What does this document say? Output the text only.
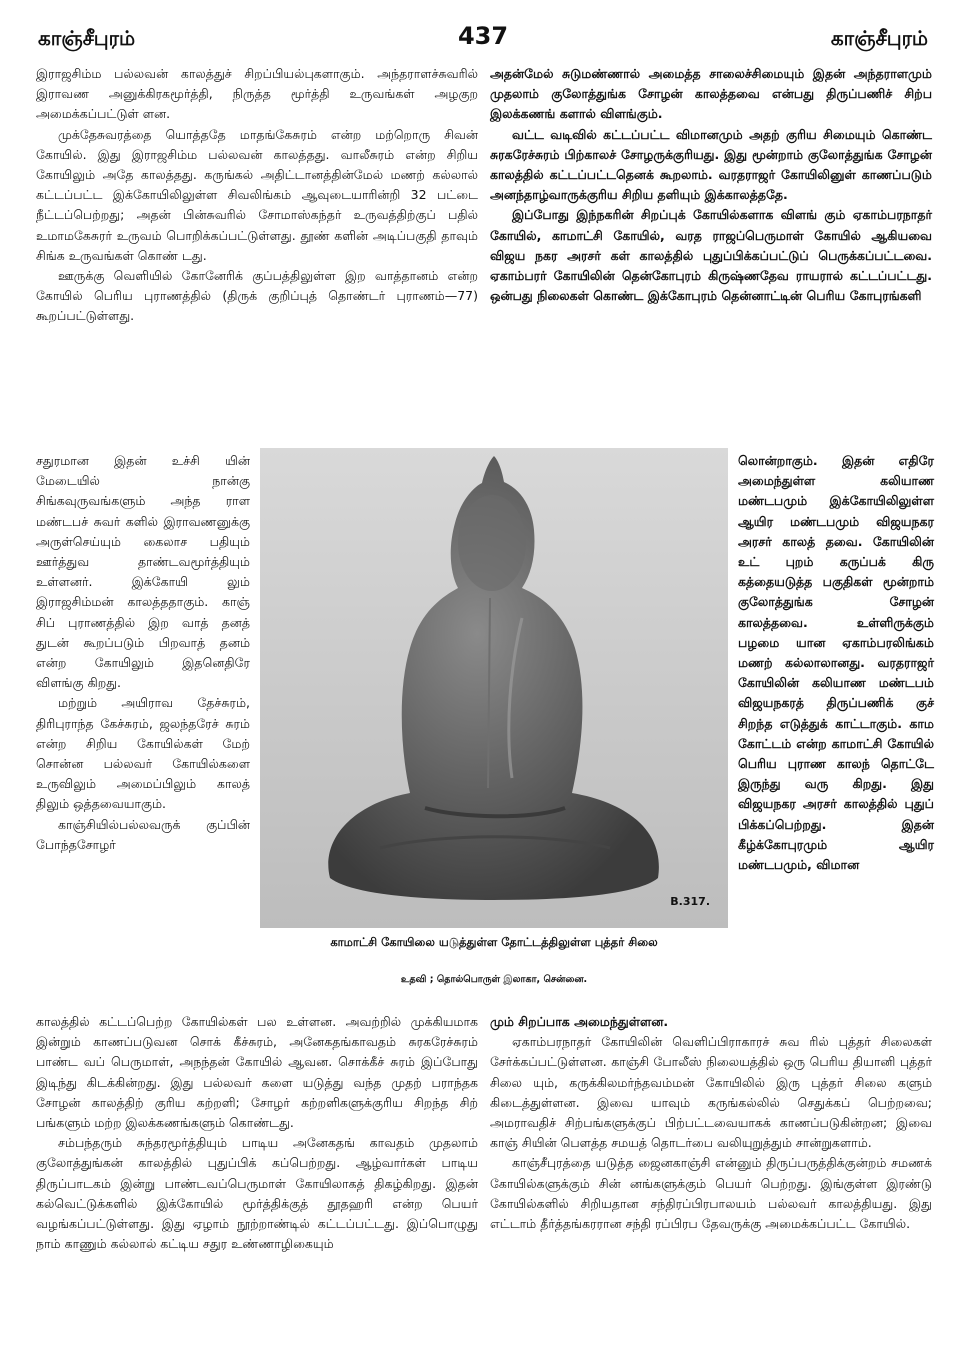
காஞ்சீபுரம்	437	காஞ்சீபுரம்

இராஜசிம்ம பல்லவன் காலத்துச் சிறப்பியல்புகளாகும். அந்தராளச்சுவரில் இராவண அனுக்கிரகமூர்த்தி, நிருத்த மூர்த்தி உருவங்கள் அழகுற அமைக்கப்பட்டுள் ளன.

முக்தேசுவரத்தை யொத்ததே மாதங்கேசுரம் என்ற மற்றொரு சிவன் கோயில். இது இராஜசிம்ம பல்லவன் காலத்தது. வாலீசுரம் என்ற சிறிய கோயிலும் அதே காலத்தது. கருங்கல் அதிட்டானத்தின்மேல் மணற் கல்லால் கட்டப்பட்ட இக்கோயிலிலுள்ள சிவலிங்கம் ஆவுடையாரின்றி 32 பட்டை நீட்டப்பெற்றது; அதன் பின்சுவரில் சோமாஸ்கந்தர் உருவத்திற்குப் பதில் உமாமகேசுரர் உருவம் பொறிக்கப்பட்டுள்ளது. தூண் களின் அடிப்பகுதி தாவும் சிங்க உருவங்கள் கொண் டது.

ஊருக்கு வெளியில் கோனேரிக் குப்பத்திலுள்ள இற வாத்தானம் என்ற கோயில் பெரிய புராணத்தில் (திருக் குறிப்புத் தொண்டர் புராணம்—77) கூறப்பட்டுள்ளது.

அதன்மேல் சுடுமண்ணால் அமைத்த சாலைச்சிமையும் இதன் அந்தராளமும் முதலாம் குலோத்துங்க சோழன் காலத்தவை என்பது திருப்பணிச் சிற்ப இலக்கணங் களால் விளங்கும்.

வட்ட வடிவில் கட்டப்பட்ட விமானமும் அதற் குரிய சிமையும் கொண்ட சுரகரேச்சுரம் பிற்காலச் சோழருக்குரியது. இது மூன்றாம் குலோத்துங்க சோழன் காலத்தில் கட்டப்பட்டதெனக் கூறலாம். வரதராஜர் கோயிலினுள் காணப்படும் அனந்தாழ்வாருக்குரிய சிறிய தளியும் இக்காலத்ததே.

இப்போது இந்நகரின் சிறப்புக் கோயில்களாக விளங் கும் ஏகாம்பரநாதர் கோயில், காமாட்சி கோயில், வரத ராஜப்பெருமாள் கோயில் ஆகியவை விஜய நகர அரசர் கள் காலத்தில் புதுப்பிக்கப்பட்டுப் பெருக்கப்பட்டவை. ஏகாம்பரர் கோயிலின் தென்கோபுரம் கிருஷ்ணதேவ ராயரால் கட்டப்பட்டது. ஒன்பது நிலைகள் கொண்ட இக்கோபுரம் தென்னாட்டின் பெரிய கோபுரங்களி

சதுரமான இதன் உச்சி யின் மேடையில் நான்கு சிங்கவுருவங்களும் அந்த ராள மண்டபச் சுவர் களில் இராவணனுக்கு அருள்செய்யும் கைலாச பதியும் ஊர்த்துவ தாண்டவமூர்த்தியும் உள்ளனர். இக்கோயி லும் இராஜசிம்மன் காலத்ததாகும். காஞ் சிப் புராணத்தில் இற வாத் தனத் துடன் கூறப்படும் பிறவாத் தனம் என்ற கோயிலும் இதனெதிரே விளங்கு கிறது.

மற்றும் அயிராவ தேச்சுரம், திரிபுராந்த கேச்சுரம், ஜலந்தரேச் சுரம் என்ற சிறிய கோயில்கள் மேற் சொன்ன பல்லவர் கோயில்களை உருவிலும் அமைப்பிலும் காலத் திலும் ஒத்தவையாகும்.

காஞ்சியில்பல்லவருக் குப்பின் போந்தசோழர்

B.317.
காமாட்சி கோயிலை யடுத்துள்ள தோட்டத்திலுள்ள புத்தர் சிலை
உதவி ; தொல்பொருள் இலாகா, சென்னை.

லொன்றாகும். இதன் எதிரே அமைந்துள்ள கலியாண மண்டபமும் இக்கோயிலிலுள்ள ஆயிர மண்டபமும் விஜயநகர அரசர் காலத் தவை. கோயிலின் உட் புறம் கருப்பக் கிரு கத்தையடுத்த பகுதிகள் மூன்றாம் குலோத்துங்க சோழன் காலத்தவை. உள்ளிருக்கும் பழமை யான ஏகாம்பரலிங்கம் மணற் கல்லாலானது. வரதராஜர் கோயிலின் கலியாண மண்டபம் விஜயநகரத் திருப்பணிக் குச் சிறந்த எடுத்துக் காட்டாகும். காம கோட்டம் என்ற காமாட்சி கோயில் பெரிய புராண காலந் தொட்டே இருந்து வரு கிறது. இது விஜயநகர அரசர் காலத்தில் புதுப் பிக்கப்பெற்றது. இதன் கீழ்க்கோபுரமும் ஆயிர மண்டபமும், விமான

காலத்தில் கட்டப்பெற்ற கோயில்கள் பல உள்ளன. அவற்றில் முக்கியமாக இன்றும் காணப்படுவன சொக் கீச்சுரம், அனேகதங்காவதம் சுரகரேச்சுரம் பாண்ட வப் பெருமாள், அநந்தன் கோயில் ஆவன. சொக்கீச் சுரம் இப்போது இடிந்து கிடக்கின்றது. இது பல்லவர் களை யடுத்து வந்த முதற் பராந்தக சோழன் காலத்திற் குரிய கற்றளி; சோழர் கற்றளிகளுக்குரிய சிறந்த சிற் பங்களும் மற்ற இலக்கணங்களும் கொண்டது.

சம்பந்தரும் சுந்தரமூர்த்தியும் பாடிய அனேகதங் காவதம் முதலாம் குலோத்துங்கன் காலத்தில் புதுப்பிக் கப்பெற்றது. ஆழ்வார்கள் பாடிய திருப்பாடகம் இன்று பாண்டவப்பெருமாள் கோயிலாகத் திகழ்கிறது. இதன் கல்வெட்டுக்களில் இக்கோயில் மூர்த்திக்குத் தூதஹரி என்ற பெயர் வழங்கப்பட்டுள்ளது. இது ஏழாம் நூற்றாண்டில் கட்டப்பட்டது. இப்பொழுது நாம் காணும் கல்லால் கட்டிய சதுர உண்ணாழிகையும்

மும் சிறப்பாக அமைந்துள்ளன.

ஏகாம்பரநாதர் கோயிலின் வெளிப்பிராகாரச் சுவ ரில் புத்தர் சிலைகள் சேர்க்கப்பட்டுள்ளன. காஞ்சி போலீஸ் நிலையத்தில் ஒரு பெரிய தியானி புத்தர் சிலை யும், கருக்கிலமர்ந்தவம்மன் கோயிலில் இரு புத்தர் சிலை களும் கிடைத்துள்ளன. இவை யாவும் கருங்கல்லில் செதுக்கப் பெற்றவை; அமராவதிச் சிற்பங்களுக்குப் பிற்பட்டவையாகக் காணப்படுகின்றன; இவை காஞ் சியின் பௌத்த சமயத் தொடர்பை வலியுறுத்தும் சான்றுகளாம்.

காஞ்சீபுரத்தை யடுத்த ஜைனகாஞ்சி என்னும் திருப்பருத்திக்குன்றம் சமணக் கோயில்களுக்கும் சின் னங்களுக்கும் பெயர் பெற்றது. இங்குள்ள இரண்டு கோயில்களில் சிறியதான சந்திரப்பிரபாலயம் பல்லவர் காலத்தியது. இது எட்டாம் தீர்த்தங்கரரான சந்தி ரப்பிரப தேவருக்கு அமைக்கப்பட்ட கோயில்.
